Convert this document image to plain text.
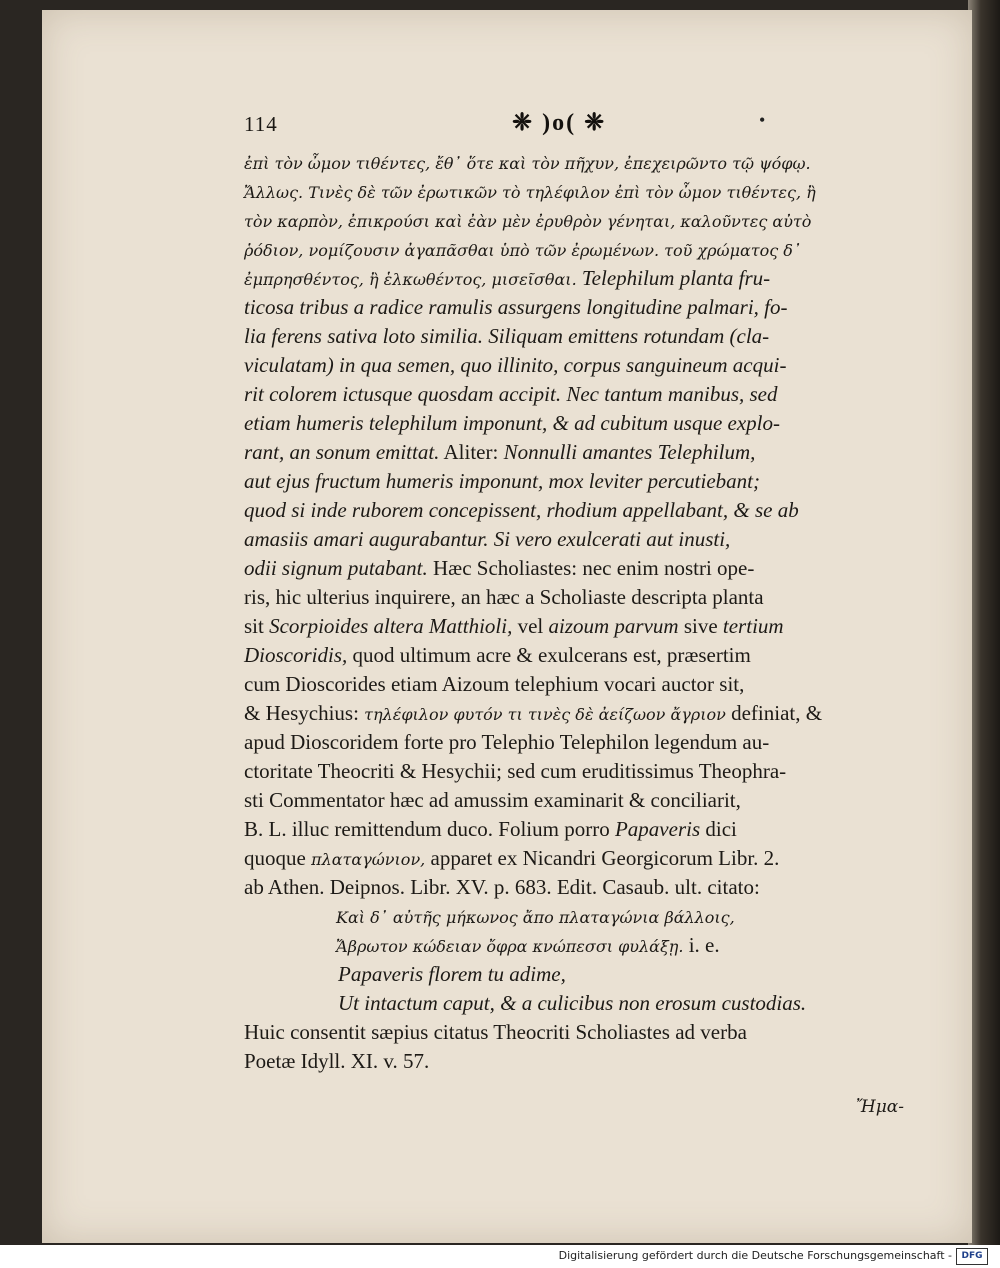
114	❈ )o( ❈	•
ἐπὶ τὸν ὦμον τιθέντες, ἔθ᾽ ὅτε καὶ τὸν πῆχυν, ἐπεχειρῶντο τῷ ψόφῳ.
Ἄλλως. Τινὲς δὲ τῶν ἐρωτικῶν τὸ τηλέφιλον ἐπὶ τὸν ὦμον τιθέντες, ἢ
τὸν καρπὸν, ἐπικρούσι καὶ ἐὰν μὲν ἐρυθρὸν γένηται, καλοῦντες αὐτὸ
ῥόδιον, νομίζουσιν ἀγαπᾶσθαι ὑπὸ τῶν ἐρωμένων. τοῦ χρώματος δ᾽
ἐμπρησθέντος, ἢ ἑλκωθέντος, μισεῖσθαι. Telephilum planta fru-
ticosa tribus a radice ramulis assurgens longitudine palmari, fo-
lia ferens sativa loto similia. Siliquam emittens rotundam (cla-
viculatam) in qua semen, quo illinito, corpus sanguineum acqui-
rit colorem ictusque quosdam accipit. Nec tantum manibus, sed
etiam humeris telephilum imponunt, & ad cubitum usque explo-
rant, an sonum emittat. Aliter: Nonnulli amantes Telephilum,
aut ejus fructum humeris imponunt, mox leviter percutiebant;
quod si inde ruborem concepissent, rhodium appellabant, & se ab
amasiis amari augurabantur. Si vero exulcerati aut inusti,
odii signum putabant. Hæc Scholiastes: nec enim nostri ope-
ris, hic ulterius inquirere, an hæc a Scholiaste descripta planta
sit Scorpioides altera Matthioli, vel aizoum parvum sive tertium
Dioscoridis, quod ultimum acre & exulcerans est, præsertim
cum Dioscorides etiam Aizoum telephium vocari auctor sit,
& Hesychius: τηλέφιλον φυτόν τι τινὲς δὲ ἀείζωον ἄγριον definiat, &
apud Dioscoridem forte pro Telephio Telephilon legendum au-
ctoritate Theocriti & Hesychii; sed cum eruditissimus Theophra-
sti Commentator hæc ad amussim examinarit & conciliarit,
B. L. illuc remittendum duco. Folium porro Papaveris dici
quoque πλαταγώνιον, apparet ex Nicandri Georgicorum Libr. 2.
ab Athen. Deipnos. Libr. XV. p. 683. Edit. Casaub. ult. citato:
Καὶ δ᾽ αὐτῆς μήκωνος ἄπο πλαταγώνια βάλλοις,
Ἄβρωτον κώδειαν ὄφρα κνώπεσσι φυλάξῃ. i. e.
Papaveris florem tu adime,
Ut intactum caput, & a culicibus non erosum custodias.
Huic consentit sæpius citatus Theocriti Scholiastes ad verba
Poetæ Idyll. XI. v. 57.
Ἤμα-
Digitalisierung gefördert durch die Deutsche Forschungsgemeinschaft -	DFG
